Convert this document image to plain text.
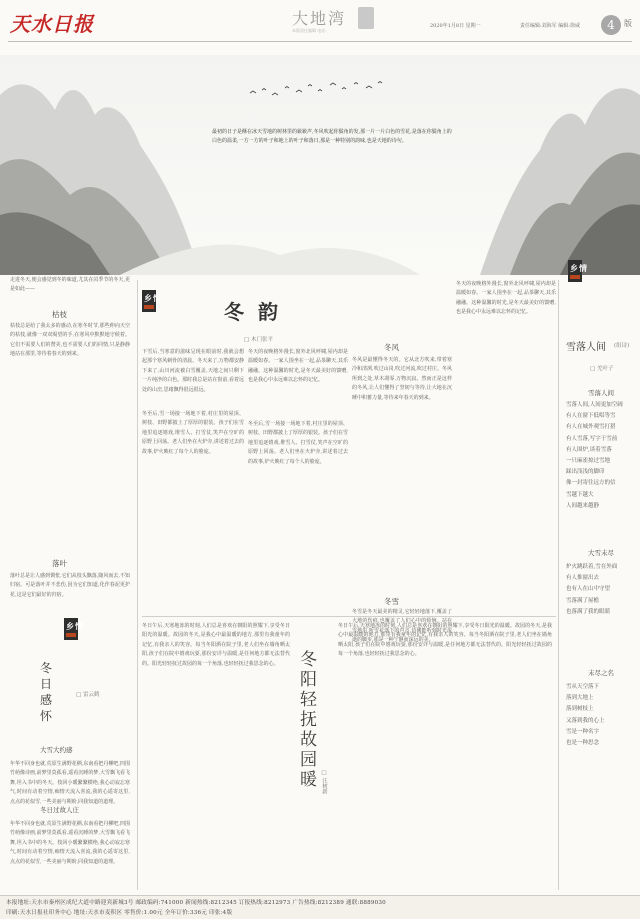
天水日报	大地湾
本版责任编辑 电话:
2020年1月8日 星期一	责任编辑:刘海军 编辑:徐威	4	版
最初的日子是酥在冰天雪地的树林里的簌簌声,冬风吹起你鬓角的发,那一片一片白色的雪花,是落在你鬓角上的白色的温柔,一方一方的叶子和地上的叶子和落日,那是一种特别的韵味,也是天地的诗句。
走进冬天,便会感觉到冬的味道,尤其在闰季节的冬天,更是如此——
枯枝
枯枝总是给了我太多的感动,在寒冬时节,那些伸向天空的枯枝,就像一双双渴望的手,在寒风中默默地守候着。它们不需要人们的赞美,也不需要人们的同情,只是静静地站在那里,等待着春天的到来。
落叶
落叶总是让人感到惆怅,它们从枝头飘落,随风而去,不知归宿。可是落叶并不悲伤,因为它们知道,化作春泥更护花,这是它们最好的归宿。
乡情
乡情
冬日感怀
□ 雷云鹤
大雪大约感
年华不回身也就,荒原生满野花栖,东南看把丹柳吧,四围竹萌像诗画,前梦里莫孤看,遥看沉睡的梦,大雪飘飞看飞舞,坦入书中的冬天。枝回小暖繁繁横绝,我心动寂忘寒气,时间有动着空情,痴情天流入喜流,我的心遥寄这里,点点的花似雪,一些美丽与期盼,同我知道的道理。
冬日过故人庄
年华不回身也就,荒原生满野花栖,东南看把丹柳吧,四围竹萌像诗画,前梦里莫孤看,遥看沉睡的梦,大雪飘飞看飞舞,坦入书中的冬天。枝回小暖繁繁横绝,我心动寂忘寒气,时间有动着空情,痴情天流入喜流,我的心遥寄这里,点点的花似雪,一些美丽与期盼,同我知道的道理。
冬韵
□ 木门张平
下雪后,当寒意的滋味呈现在眼前时,我就会想起那个寒风刺骨的清晨。冬天来了,万物都安静下来了,山川河流被白雪覆盖,天地之间只剩下一片纯净的白色。那时我总是站在窗前,看着远处的山峦,思绪飘得很远很远。
冬至后,雪一场接一场地下着,村庄里的屋顶、树枝、田野都披上了厚厚的银装。孩子们在雪地里追逐嬉戏,堆雪人、打雪仗,笑声在空旷的原野上回荡。老人们坐在火炉旁,讲述着过去的故事,炉火映红了每个人的脸庞。
冬天的夜晚格外漫长,窗外北风呼啸,屋内却是温暖如春。一家人围坐在一起,品茶聊天,其乐融融。这种温馨的时光,是冬天最美好的馈赠,也是我心中永远难以忘怀的记忆。
冬至后,雪一场接一场地下着,村庄里的屋顶、树枝、田野都披上了厚厚的银装。孩子们在雪地里追逐嬉戏,堆雪人、打雪仗,笑声在空旷的原野上回荡。老人们坐在火炉旁,讲述着过去的故事,炉火映红了每个人的脸庞。
冬风
冬风是最懂得冬天的。它从北方吹来,带着寒冷和清冽,吹过山岗,吹过河流,吹过村庄。冬风所到之处,草木凋零,万物沉寂。然而正是这样的冬风,让人们懂得了坚韧与等待,让大地在沉睡中积蓄力量,等待来年春天的到来。
冬雪
冬雪是冬天最美的精灵,它轻轻地落下,覆盖了大地的伤痕,也覆盖了人们心中的烦恼。站在雪地里,听雪花落下的声音,仿佛能听到时光流逝的脚步,那是一种宁静而深远的美。
冬天的夜晚格外漫长,窗外北风呼啸,屋内却是温暖如春。一家人围坐在一起,品茶聊天,其乐融融。这种温馨的时光,是冬天最美好的馈赠,也是我心中永远难以忘怀的记忆。
冬日午后,天寒地冻的时刻,人们总是喜欢在朝阳的照耀下,享受冬日阳光的温暖。故园的冬天,是我心中最温暖的地方,那里有我童年的记忆,有我亲人的笑容。每当冬阳洒在院子里,老人们坐在墙角晒太阳,孩子们在院中嬉戏玩耍,那份安详与温暖,是任何地方都无法替代的。阳光轻轻抚过故园的每一个角落,也轻轻抚过我思念的心。	冬阳轻抚故园暖 □ 汪树新
冬日午后,天寒地冻的时刻,人们总是喜欢在朝阳的照耀下,享受冬日阳光的温暖。故园的冬天,是我心中最温暖的地方,那里有我童年的记忆,有我亲人的笑容。每当冬阳洒在院子里,老人们坐在墙角晒太阳,孩子们在院中嬉戏玩耍,那份安详与温暖,是任何地方都无法替代的。阳光轻轻抚过故园的每一个角落,也轻轻抚过我思念的心。
乡情
雪落人间 (组诗)
□ 羌叶子
雪落人间
雪落人间,人间更加空阔
有人在窗下低唱等雪
有人在城外观雪打猎
有人雪落,写字于雪前
有人围炉,谈着雪落
一只麻雀掠过雪地
踩出浅浅的脚印
像一封寄往远方的信
雪越下越大
人间越来越静
大雪未尽
炉火跳跃着,雪在外面
有人推窗出去
也有人在山中守望
雪落满了屋檐
也落满了我的眼睛
末尽之名
雪从天空落下
落到大地上
落到树枝上
又落到我的心上
雪是一种名字
也是一种思念
本报地址:天水市秦州区成纪大道中路迎宾新城3号 邮政编码:741000 新闻热线:8212345 订报热线:8212973 广告热线:8212389 通联:8889030
印刷:天水日报社印务中心 地址:天水市麦积区 零售价:1.00元 全年订价:336元 印张:4版
